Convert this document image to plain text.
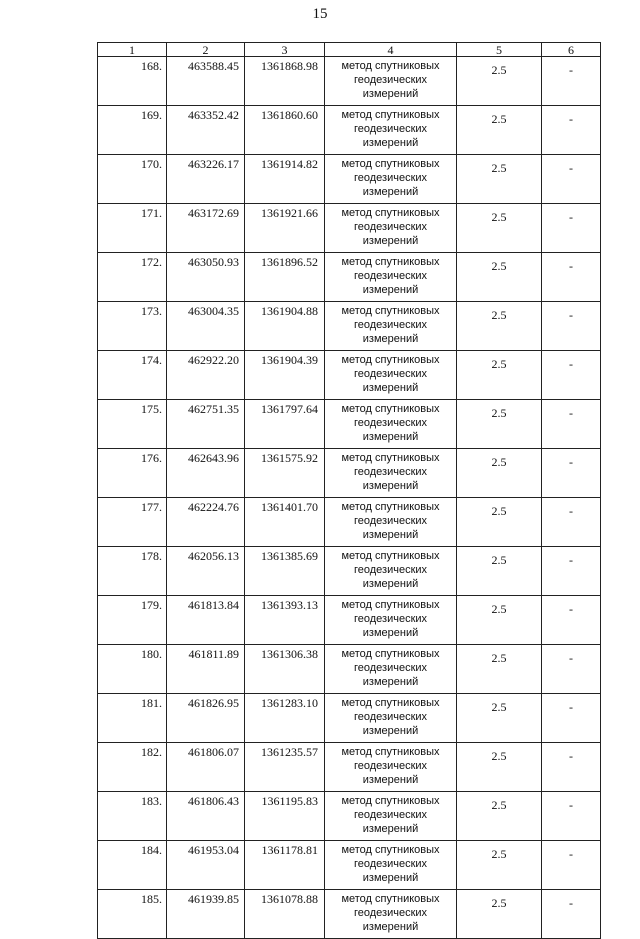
15
1	2	3	4	5	6
168.	463588.45	1361868.98	метод спутниковых геодезических измерений	2.5	-
169.	463352.42	1361860.60	метод спутниковых геодезических измерений	2.5	-
170.	463226.17	1361914.82	метод спутниковых геодезических измерений	2.5	-
171.	463172.69	1361921.66	метод спутниковых геодезических измерений	2.5	-
172.	463050.93	1361896.52	метод спутниковых геодезических измерений	2.5	-
173.	463004.35	1361904.88	метод спутниковых геодезических измерений	2.5	-
174.	462922.20	1361904.39	метод спутниковых геодезических измерений	2.5	-
175.	462751.35	1361797.64	метод спутниковых геодезических измерений	2.5	-
176.	462643.96	1361575.92	метод спутниковых геодезических измерений	2.5	-
177.	462224.76	1361401.70	метод спутниковых геодезических измерений	2.5	-
178.	462056.13	1361385.69	метод спутниковых геодезических измерений	2.5	-
179.	461813.84	1361393.13	метод спутниковых геодезических измерений	2.5	-
180.	461811.89	1361306.38	метод спутниковых геодезических измерений	2.5	-
181.	461826.95	1361283.10	метод спутниковых геодезических измерений	2.5	-
182.	461806.07	1361235.57	метод спутниковых геодезических измерений	2.5	-
183.	461806.43	1361195.83	метод спутниковых геодезических измерений	2.5	-
184.	461953.04	1361178.81	метод спутниковых геодезических измерений	2.5	-
185.	461939.85	1361078.88	метод спутниковых геодезических измерений	2.5	-
